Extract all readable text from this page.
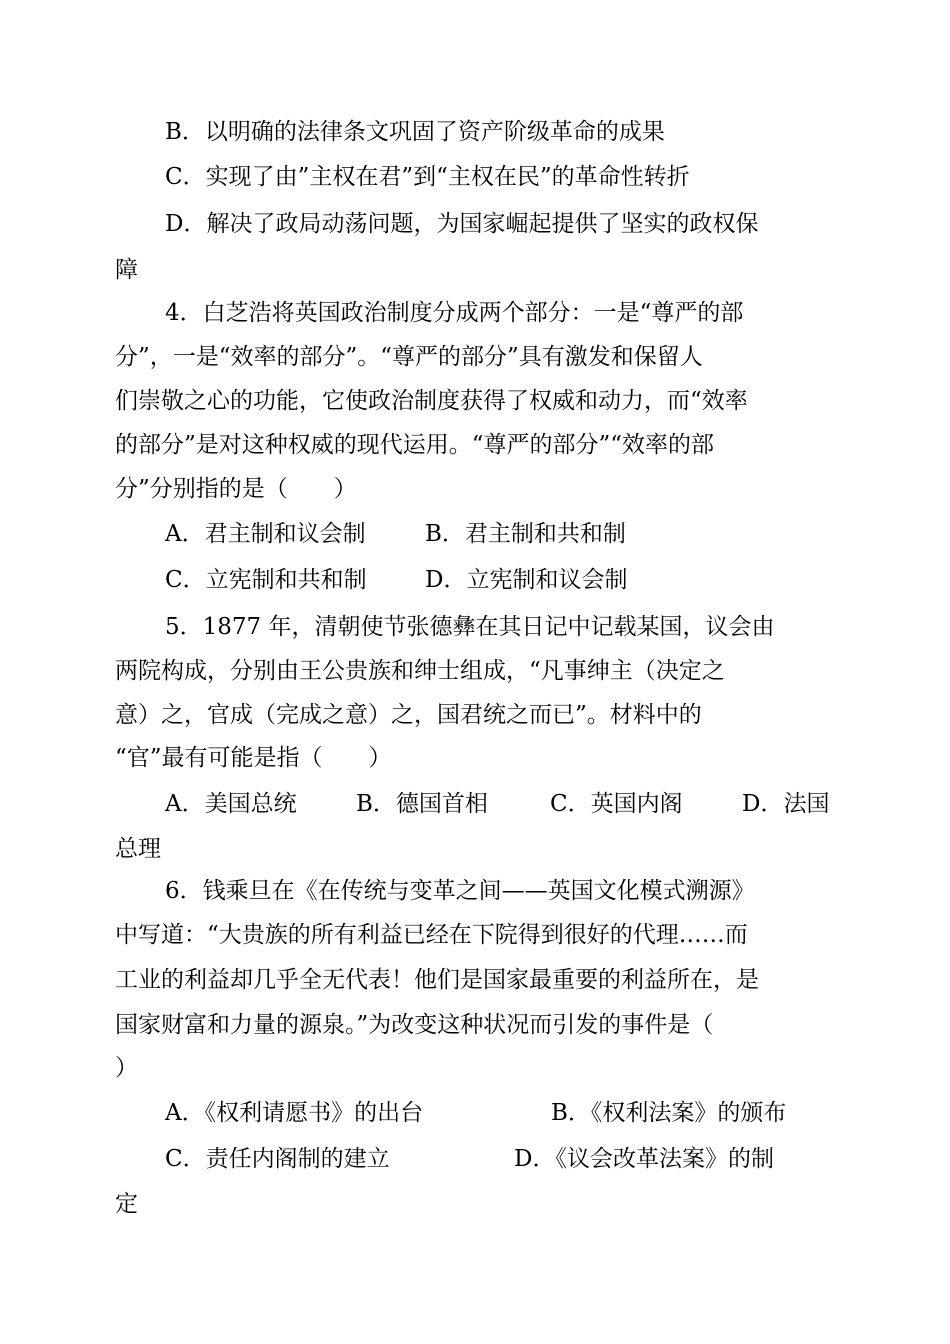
B．以明确的法律条文巩固了资产阶级革命的成果
C．实现了由”主权在君”到“主权在民”的革命性转折
D．解决了政局动荡问题，为国家崛起提供了坚实的政权保
障
4．白芝浩将英国政治制度分成两个部分：一是“尊严的部
分”，一是“效率的部分”。“尊严的部分”具有激发和保留人
们崇敬之心的功能，它使政治制度获得了权威和动力，而“效率
的部分”是对这种权威的现代运用。“尊严的部分”“效率的部
分”分别指的是（　　）
A．君主制和议会制	B．君主制和共和制
C．立宪制和共和制	D．立宪制和议会制
5．1877 年，清朝使节张德彝在其日记中记载某国，议会由
两院构成，分别由王公贵族和绅士组成，“凡事绅主（决定之
意）之，官成（完成之意）之，国君统之而已”。材料中的
“官”最有可能是指（　　）
A．美国总统	B．德国首相	C．英国内阁	D．法国
总理
6．钱乘旦在《在传统与变革之间——英国文化模式溯源》
中写道：“大贵族的所有利益已经在下院得到很好的代理……而
工业的利益却几乎全无代表！他们是国家最重要的利益所在，是
国家财富和力量的源泉。”为改变这种状况而引发的事件是（
）
A．《权利请愿书》的出台	B．《权利法案》的颁布
C．责任内阁制的建立	D．《议会改革法案》的制
定
